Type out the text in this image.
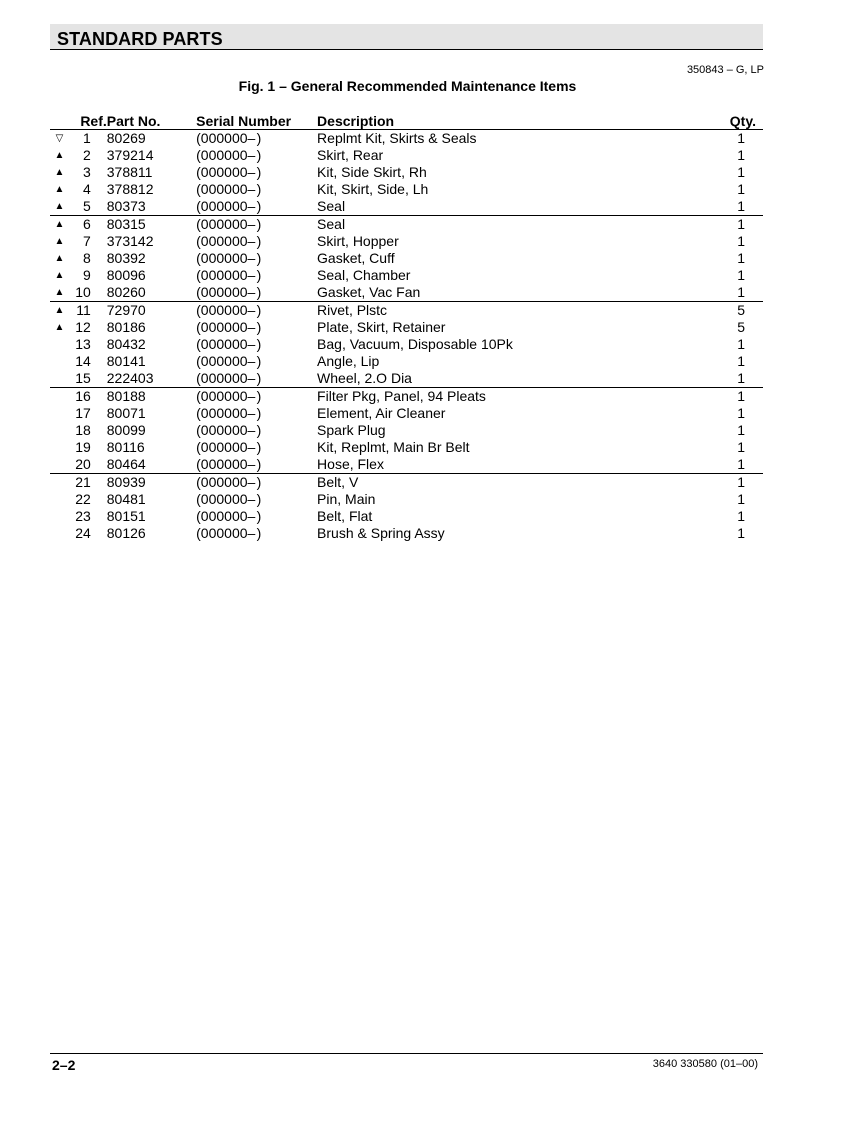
STANDARD PARTS
350843 – G, LP
Fig. 1 – General Recommended Maintenance Items
	Ref.	Part No.	Serial Number		Description	Qty.
▽	1	80269	(000000–	)	Replmt Kit, Skirts & Seals	1
▲	2	379214	(000000–	)	Skirt, Rear	1
▲	3	378811	(000000–	)	Kit, Side Skirt, Rh	1
▲	4	378812	(000000–	)	Kit, Skirt, Side, Lh	1
▲	5	80373	(000000–	)	Seal	1
▲	6	80315	(000000–	)	Seal	1
▲	7	373142	(000000–	)	Skirt, Hopper	1
▲	8	80392	(000000–	)	Gasket, Cuff	1
▲	9	80096	(000000–	)	Seal, Chamber	1
▲	10	80260	(000000–	)	Gasket, Vac Fan	1
▲	11	72970	(000000–	)	Rivet, Plstc	5
▲	12	80186	(000000–	)	Plate, Skirt, Retainer	5
	13	80432	(000000–	)	Bag, Vacuum, Disposable 10Pk	1
	14	80141	(000000–	)	Angle, Lip	1
	15	222403	(000000–	)	Wheel, 2.O Dia	1
	16	80188	(000000–	)	Filter Pkg, Panel, 94 Pleats	1
	17	80071	(000000–	)	Element, Air Cleaner	1
	18	80099	(000000–	)	Spark Plug	1
	19	80116	(000000–	)	Kit, Replmt, Main Br Belt	1
	20	80464	(000000–	)	Hose, Flex	1
	21	80939	(000000–	)	Belt, V	1
	22	80481	(000000–	)	Pin, Main	1
	23	80151	(000000–	)	Belt, Flat	1
	24	80126	(000000–	)	Brush & Spring Assy	1
2–2	3640 330580 (01–00)
